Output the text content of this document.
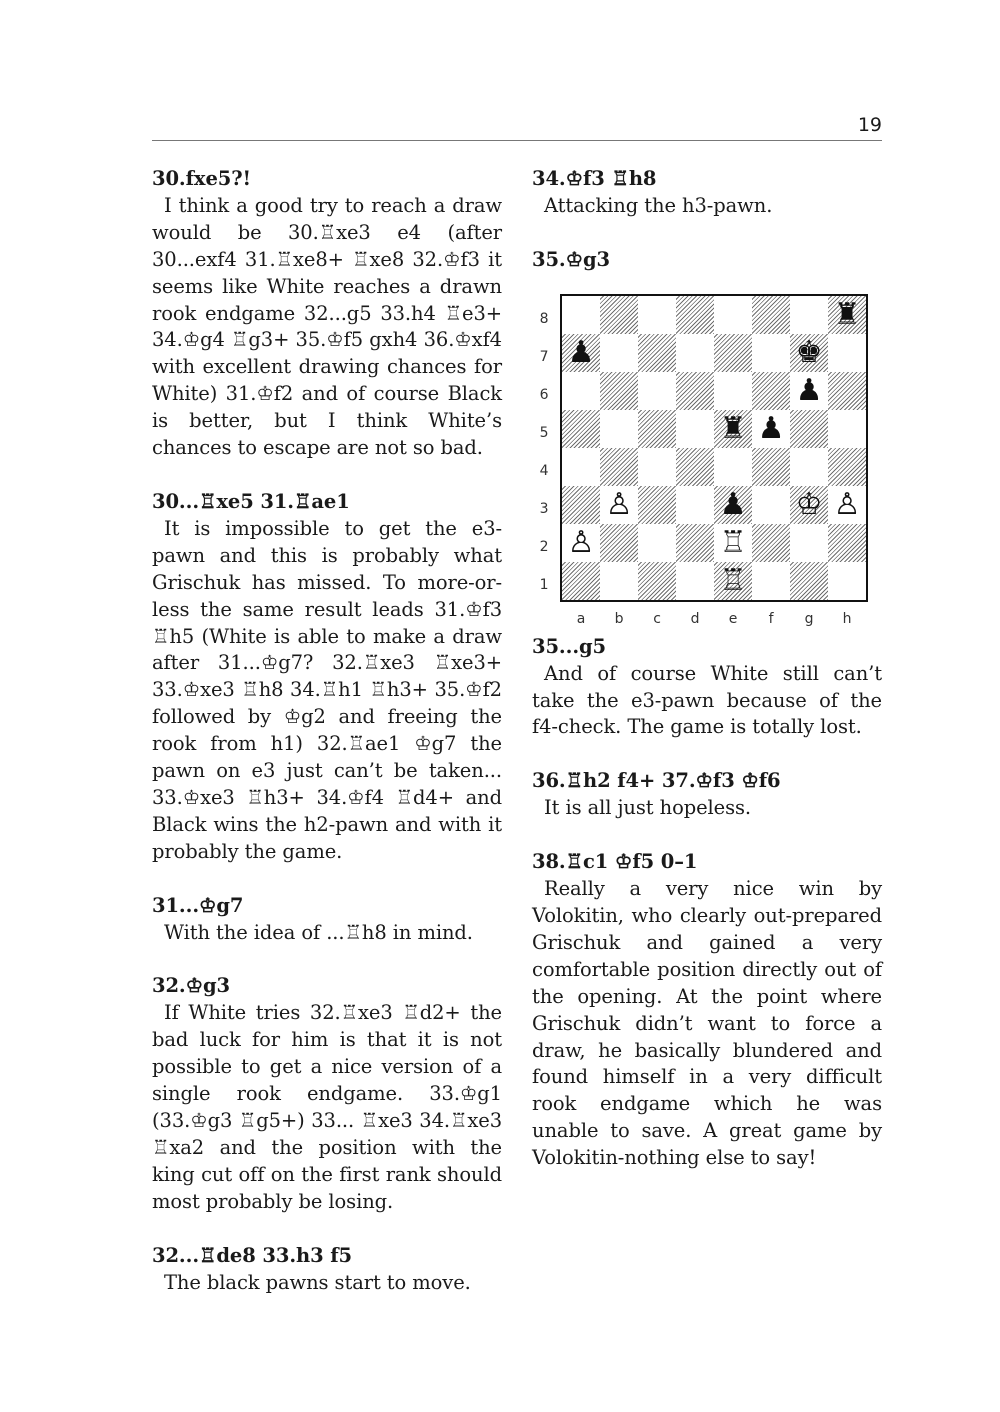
19

30.fxe5?!

I think a good try to reach a draw would be 30.♖xe3 e4 (after 30...exf4 31.♖xe8+ ♖xe8 32.♔f3 it seems like White reaches a drawn rook endgame 32...g5 33.h4 ♖e3+ 34.♔g4 ♖g3+ 35.♔f5 gxh4 36.♔xf4 with excellent drawing chances for White) 31.♔f2 and of course Black is better, but I think White’s chances to escape are not so bad.

30...♖xe5 31.♖ae1

It is impossible to get the e3-pawn and this is probably what Grischuk has missed. To more-or-less the same result leads 31.♔f3 ♖h5 (White is able to make a draw after 31...♔g7? 32.♖xe3 ♖xe3+ 33.♔xe3 ♖h8 34.♖h1 ♖h3+ 35.♔f2 followed by ♔g2 and freeing the rook from h1) 32.♖ae1 ♔g7 the pawn on e3 just can’t be taken... 33.♔xe3 ♖h3+ 34.♔f4 ♖d4+ and Black wins the h2-pawn and with it probably the game.

31...♔g7

With the idea of ...♖h8 in mind.

32.♔g3

If White tries 32.♖xe3 ♖d2+ the bad luck for him is that it is not possible to get a nice version of a single rook endgame. 33.♔g1 (33.♔g3 ♖g5+) 33... ♖xe3 34.♖xe3 ♖xa2 and the position with the king cut off on the first rank should most probably be losing.

32...♖de8 33.h3 f5

The black pawns start to move.

34.♔f3 ♖h8

Attacking the h3-pawn.

35.♔g3

♜
♟	♚
♟
♜ ♟
♙	♟ ♔ ♙
♙	♖
♖
8
7
6
5
4
3
2
1
a	b	c	d	e	f	g	h

35...g5

And of course White still can’t take the e3-pawn because of the f4-check. The game is totally lost.

36.♖h2 f4+ 37.♔f3 ♔f6

It is all just hopeless.

38.♖c1 ♔f5 0–1

Really a very nice win by Volokitin, who clearly out-prepared Grischuk and gained a very comfortable position directly out of the opening. At the point where Grischuk didn’t want to force a draw, he basically blundered and found himself in a very difficult rook endgame which he was unable to save. A great game by Volokitin-nothing else to say!
